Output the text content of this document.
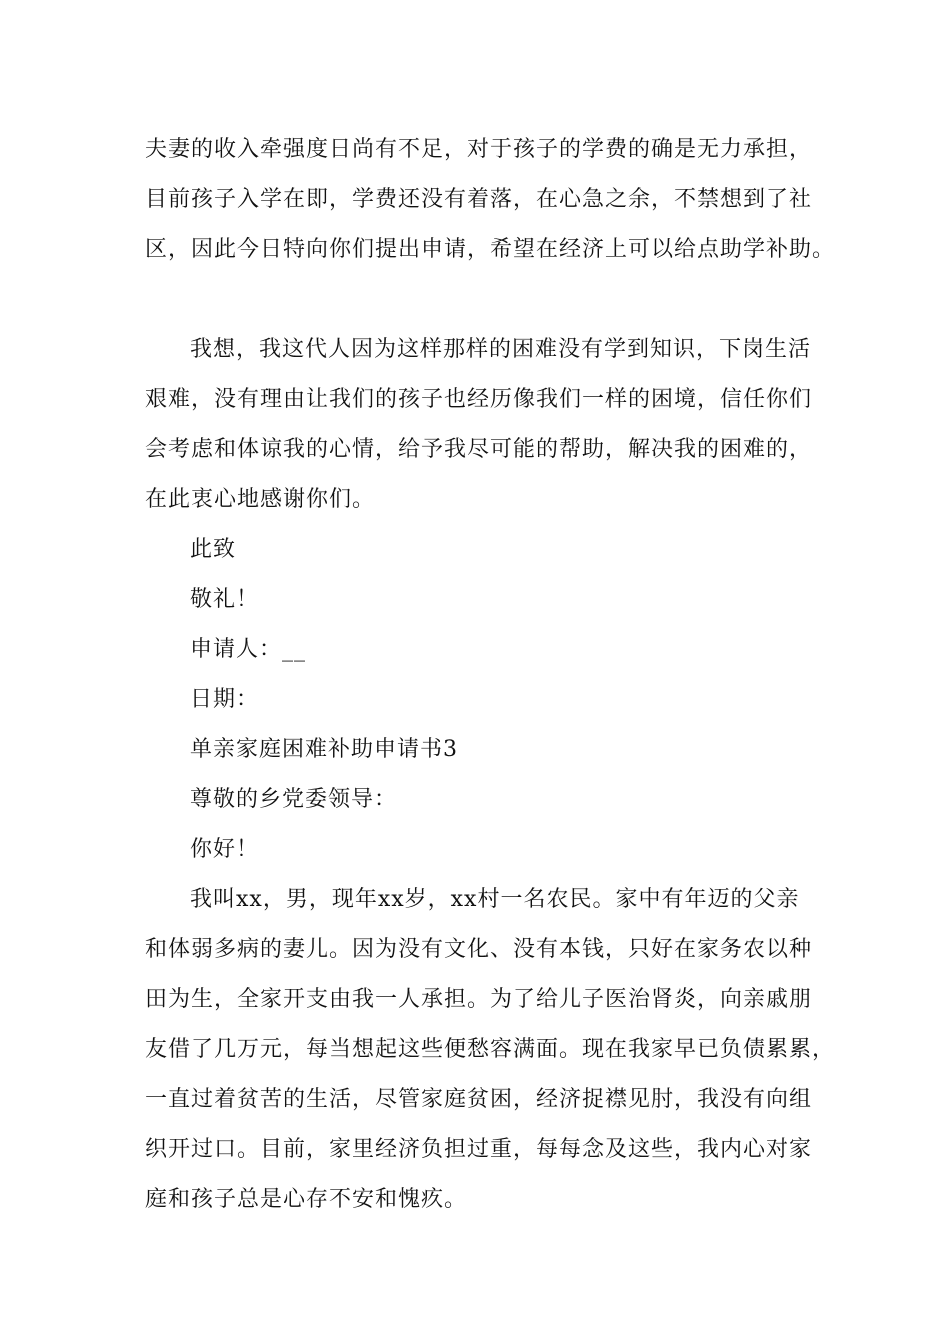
夫妻的收入牵强度日尚有不足，对于孩子的学费的确是无力承担，
目前孩子入学在即，学费还没有着落，在心急之余，不禁想到了社
区，因此今日特向你们提出申请，希望在经济上可以给点助学补助。
我想，我这代人因为这样那样的困难没有学到知识，下岗生活
艰难，没有理由让我们的孩子也经历像我们一样的困境，信任你们
会考虑和体谅我的心情，给予我尽可能的帮助，解决我的困难的，
在此衷心地感谢你们。
此致
敬礼！
申请人：__
日期：
单亲家庭困难补助申请书3
尊敬的乡党委领导：
你好！
我叫xx，男，现年xx岁，xx村一名农民。家中有年迈的父亲
和体弱多病的妻儿。因为没有文化、没有本钱，只好在家务农以种
田为生，全家开支由我一人承担。为了给儿子医治肾炎，向亲戚朋
友借了几万元，每当想起这些便愁容满面。现在我家早已负债累累，
一直过着贫苦的生活，尽管家庭贫困，经济捉襟见肘，我没有向组
织开过口。目前，家里经济负担过重，每每念及这些，我内心对家
庭和孩子总是心存不安和愧疚。
